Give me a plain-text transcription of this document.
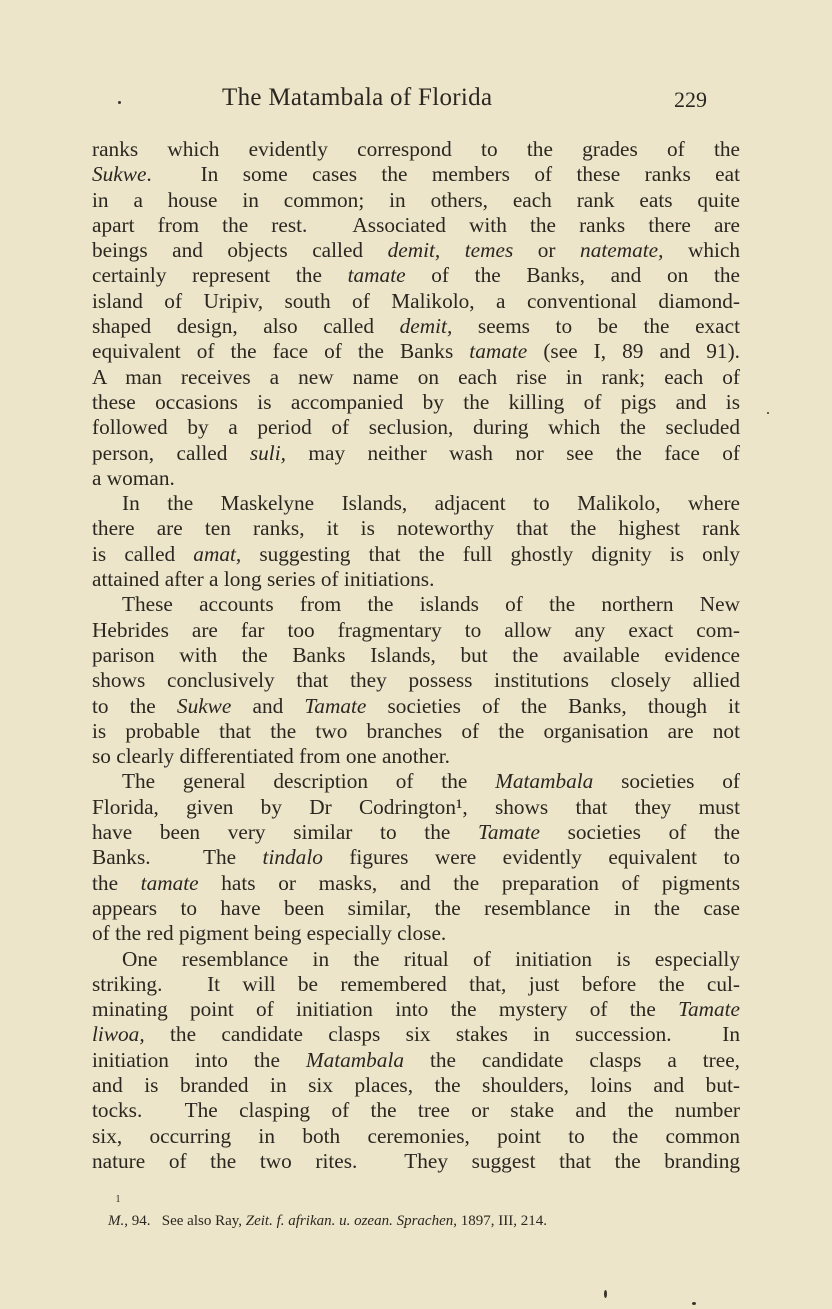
The Matambala of Florida	229
ranks which evidently correspond to the grades of the
Sukwe.  In some cases the members of these ranks eat
in a house in common; in others, each rank eats quite
apart from the rest.  Associated with the ranks there are
beings and objects called demit, temes or natemate, which
certainly represent the tamate of the Banks, and on the
island of Uripiv, south of Malikolo, a conventional diamond-
shaped design, also called demit, seems to be the exact
equivalent of the face of the Banks tamate (see I, 89 and 91).
A man receives a new name on each rise in rank; each of
these occasions is accompanied by the killing of pigs and is
followed by a period of seclusion, during which the secluded
person, called suli, may neither wash nor see the face of
a woman.
In the Maskelyne Islands, adjacent to Malikolo, where
there are ten ranks, it is noteworthy that the highest rank
is called amat, suggesting that the full ghostly dignity is only
attained after a long series of initiations.
These accounts from the islands of the northern New
Hebrides are far too fragmentary to allow any exact com-
parison with the Banks Islands, but the available evidence
shows conclusively that they possess institutions closely allied
to the Sukwe and Tamate societies of the Banks, though it
is probable that the two branches of the organisation are not
so clearly differentiated from one another.
The general description of the Matambala societies of
Florida, given by Dr Codrington¹, shows that they must
have been very similar to the Tamate societies of the
Banks.  The tindalo figures were evidently equivalent to
the tamate hats or masks, and the preparation of pigments
appears to have been similar, the resemblance in the case
of the red pigment being especially close.
One resemblance in the ritual of initiation is especially
striking.  It will be remembered that, just before the cul-
minating point of initiation into the mystery of the Tamate
liwoa, the candidate clasps six stakes in succession.  In
initiation into the Matambala the candidate clasps a tree,
and is branded in six places, the shoulders, loins and but-
tocks.  The clasping of the tree or stake and the number
six, occurring in both ceremonies, point to the common
nature of the two rites.  They suggest that the branding

$^1$
M., 94.   See also Ray, Zeit. f. afrikan. u. ozean. Sprachen, 1897, III, 214.
